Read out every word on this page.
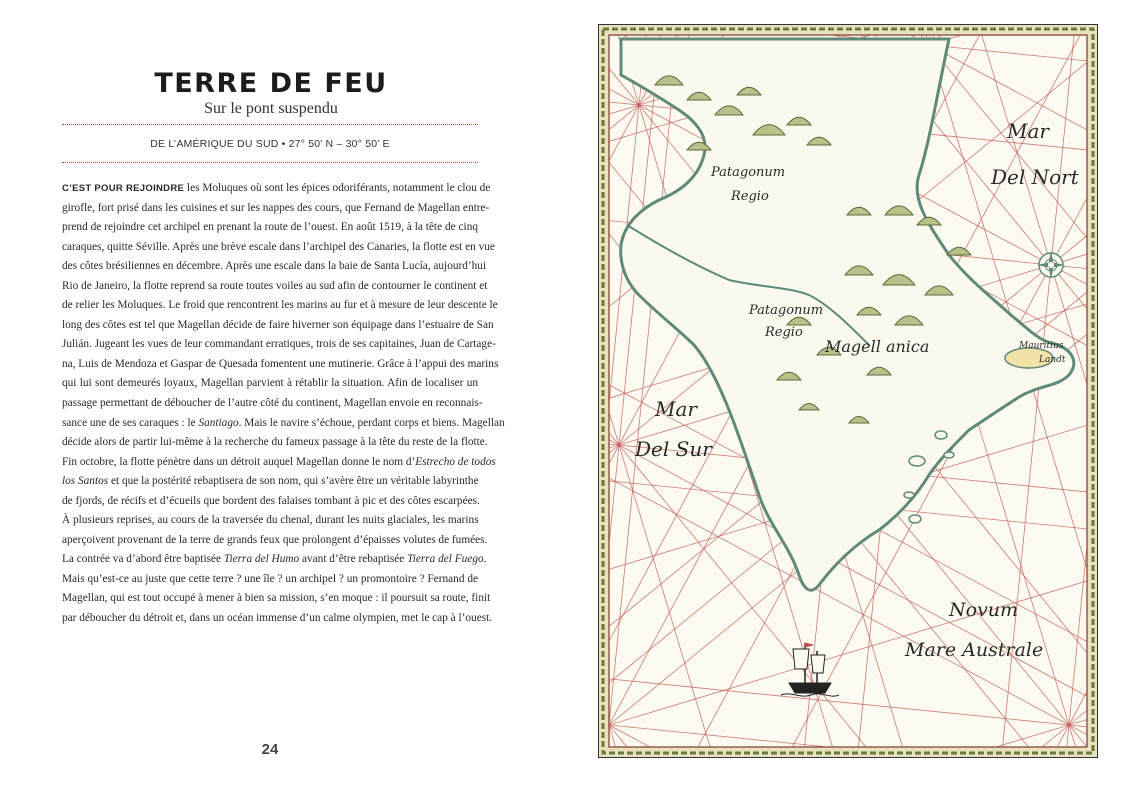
TERRE DE FEU
Sur le pont suspendu
DE L’AMÉRIQUE DU SUD • 27° 50’ N – 30° 50’ E
C’EST POUR REJOINDRE les Moluques où sont les épices odoriférants, notamment le clou de
girofle, fort prisé dans les cuisines et sur les nappes des cours, que Fernand de Magellan entre-
prend de rejoindre cet archipel en prenant la route de l’ouest. En août 1519, à la tête de cinq
caraques, quitte Séville. Après une brève escale dans l’archipel des Canaries, la flotte est en vue
des côtes brésiliennes en décembre. Après une escale dans la baie de Santa Lucía, aujourd’hui
Rio de Janeiro, la flotte reprend sa route toutes voiles au sud afin de contourner le continent et
de relier les Moluques. Le froid que rencontrent les marins au fur et à mesure de leur descente le
long des côtes est tel que Magellan décide de faire hiverner son équipage dans l’estuaire de San
Julián. Jugeant les vues de leur commandant erratiques, trois de ses capitaines, Juan de Cartage-
na, Luis de Mendoza et Gaspar de Quesada fomentent une mutinerie. Grâce à l’appui des marins
qui lui sont demeurés loyaux, Magellan parvient à rétablir la situation. Afin de localiser un
passage permettant de déboucher de l’autre côté du continent, Magellan envoie en reconnais-
sance une de ses caraques : le Santiago. Mais le navire s’échoue, perdant corps et biens. Magellan
décide alors de partir lui-même à la recherche du fameux passage à la tête du reste de la flotte.
Fin octobre, la flotte pénètre dans un détroit auquel Magellan donne le nom d’Estrecho de todos
los Santos et que la postérité rebaptisera de son nom, qui s’avère être un véritable labyrinthe
de fjords, de récifs et d’écueils que bordent des falaises tombant à pic et des côtes escarpées.
À plusieurs reprises, au cours de la traversée du chenal, durant les nuits glaciales, les marins
aperçoivent provenant de la terre de grands feux que prolongent d’épaisses volutes de fumées.
La contrée va d’abord être baptisée Tierra del Humo avant d’être rebaptisée Tierra del Fuego.
Mais qu’est-ce au juste que cette terre ? une île ? un archipel ? un promontoire ? Fernand de
Magellan, qui est tout occupé à mener à bien sa mission, s’en moque : il poursuit sa route, finit
par déboucher du détroit et, dans un océan immense d’un calme olympien, met le cap à l’ouest.
24
Mar
Del Nort
Mar
Del Sur
Patagonum
Regio
Patagonum
Regio
Magell anica
Novum
Mare Australe
Mauritius
Landt
